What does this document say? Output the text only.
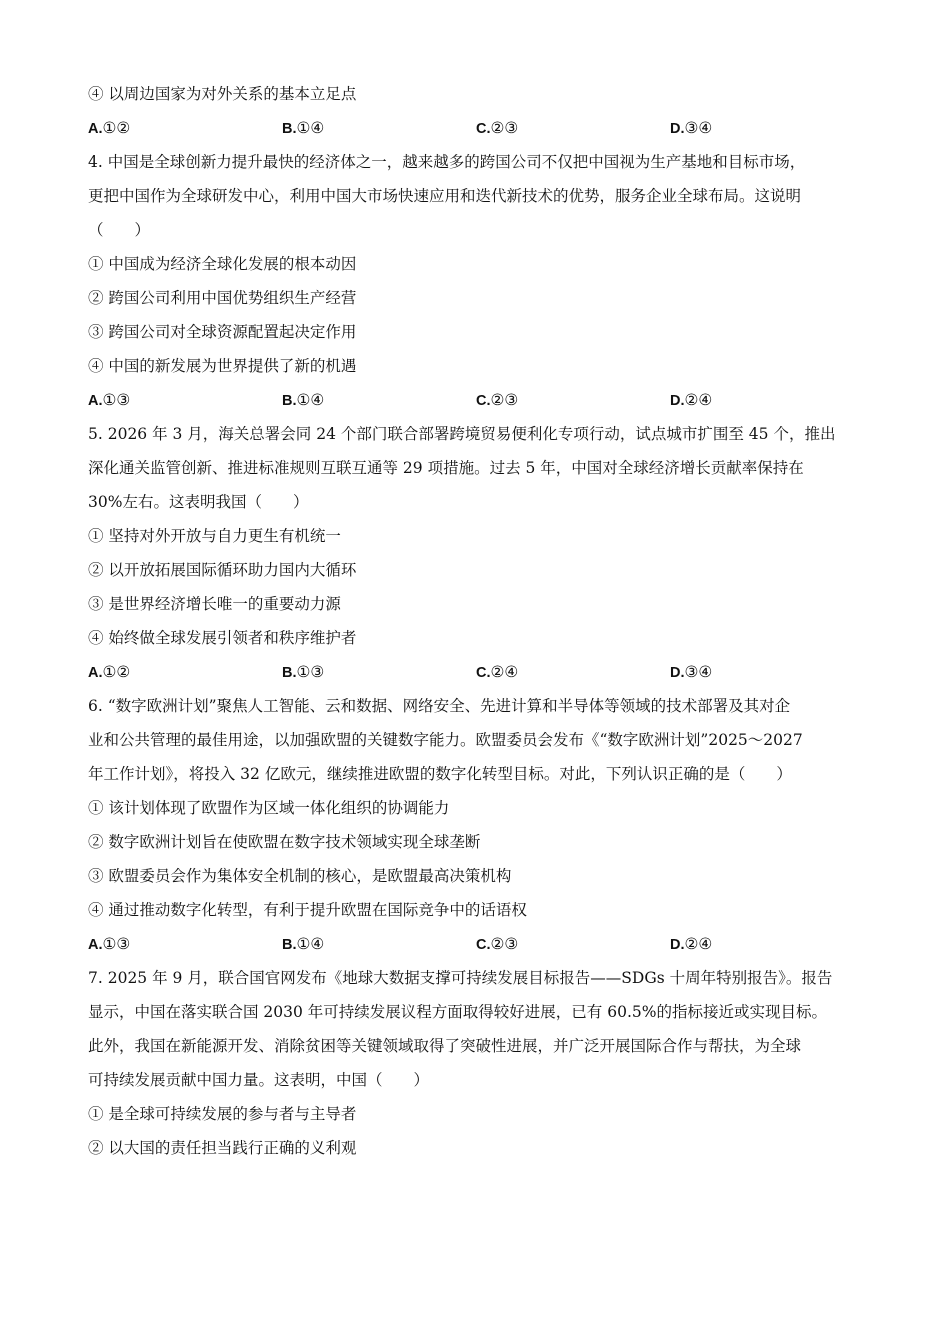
④ 以周边国家为对外关系的基本立足点
A.①②	B.①④	C.②③	D.③④
4. 中国是全球创新力提升最快的经济体之一，越来越多的跨国公司不仅把中国视为生产基地和目标市场，
更把中国作为全球研发中心，利用中国大市场快速应用和迭代新技术的优势，服务企业全球布局。这说明
（　　）
① 中国成为经济全球化发展的根本动因
② 跨国公司利用中国优势组织生产经营
③ 跨国公司对全球资源配置起决定作用
④ 中国的新发展为世界提供了新的机遇
A.①③	B.①④	C.②③	D.②④
5. 2026 年 3 月，海关总署会同 24 个部门联合部署跨境贸易便利化专项行动，试点城市扩围至 45 个，推出
深化通关监管创新、推进标准规则互联互通等 29 项措施。过去 5 年，中国对全球经济增长贡献率保持在
30%左右。这表明我国（　　）
① 坚持对外开放与自力更生有机统一
② 以开放拓展国际循环助力国内大循环
③ 是世界经济增长唯一的重要动力源
④ 始终做全球发展引领者和秩序维护者
A.①②	B.①③	C.②④	D.③④
6. “数字欧洲计划”聚焦人工智能、云和数据、网络安全、先进计算和半导体等领域的技术部署及其对企
业和公共管理的最佳用途，以加强欧盟的关键数字能力。欧盟委员会发布《“数字欧洲计划”2025～2027
年工作计划》，将投入 32 亿欧元，继续推进欧盟的数字化转型目标。对此，下列认识正确的是（　　）
① 该计划体现了欧盟作为区域一体化组织的协调能力
② 数字欧洲计划旨在使欧盟在数字技术领域实现全球垄断
③ 欧盟委员会作为集体安全机制的核心，是欧盟最高决策机构
④ 通过推动数字化转型，有利于提升欧盟在国际竞争中的话语权
A.①③	B.①④	C.②③	D.②④
7. 2025 年 9 月，联合国官网发布《地球大数据支撑可持续发展目标报告——SDGs 十周年特别报告》。报告
显示，中国在落实联合国 2030 年可持续发展议程方面取得较好进展，已有 60.5%的指标接近或实现目标。
此外，我国在新能源开发、消除贫困等关键领域取得了突破性进展，并广泛开展国际合作与帮扶，为全球
可持续发展贡献中国力量。这表明，中国（　　）
① 是全球可持续发展的参与者与主导者
② 以大国的责任担当践行正确的义利观
